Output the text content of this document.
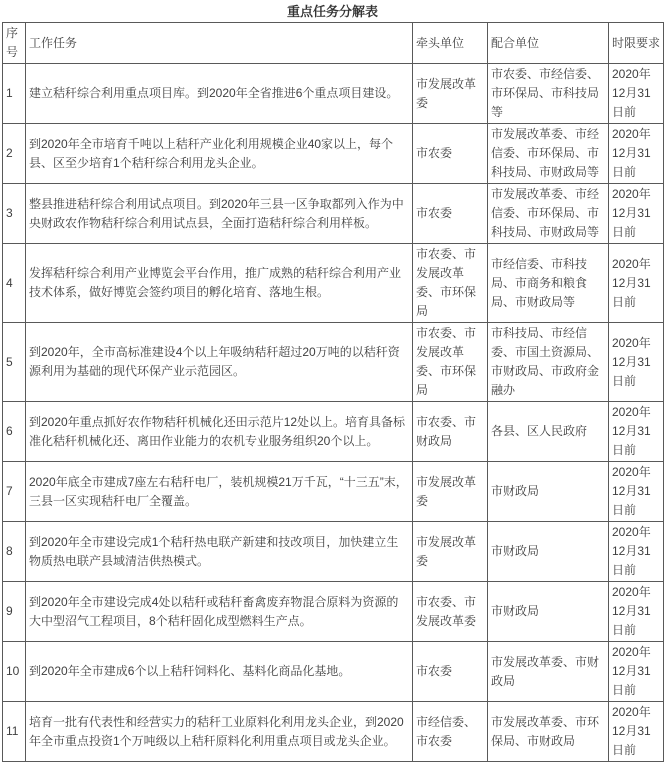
重点任务分解表
序号	工作任务	牵头单位	配合单位	时限要求
1	建立秸秆综合利用重点项目库。到2020年全省推进6个重点项目建设。	市发展改革委	市农委、市经信委、市环保局、市科技局等	2020年12月31日前
2	到2020年全市培育千吨以上秸秆产业化利用规模企业40家以上，每个县、区至少培育1个秸秆综合利用龙头企业。	市农委	市发展改革委、市经信委、市环保局、市科技局、市财政局等	2020年12月31日前
3	整县推进秸秆综合利用试点项目。到2020年三县一区争取都列入作为中央财政农作物秸秆综合利用试点县，全面打造秸秆综合利用样板。	市农委	市发展改革委、市经信委、市环保局、市科技局、市财政局等	2020年12月31日前
4	发挥秸秆综合利用产业博览会平台作用，推广成熟的秸秆综合利用产业技术体系，做好博览会签约项目的孵化培育、落地生根。	市农委、市发展改革委、市环保局	市经信委、市科技局、市商务和粮食局、市财政局等	2020年12月31日前
5	到2020年，全市高标准建设4个以上年吸纳秸秆超过20万吨的以秸秆资源利用为基础的现代环保产业示范园区。	市农委、市发展改革委、市环保局	市科技局、市经信委、市国土资源局、市财政局、市政府金融办	2020年12月31日前
6	到2020年重点抓好农作物秸秆机械化还田示范片12处以上。培育具备标准化秸秆机械化还、离田作业能力的农机专业服务组织20个以上。	市农委、市财政局	各县、区人民政府	2020年12月31日前
7	2020年底全市建成7座左右秸秆电厂，装机规模21万千瓦，“十三五”末，三县一区实现秸秆电厂全覆盖。	市发展改革委	市财政局	2020年12月31日前
8	到2020年全市建设完成1个秸秆热电联产新建和技改项目，加快建立生物质热电联产县域清洁供热模式。	市发展改革委	市财政局	2020年12月31日前
9	到2020年全市建设完成4处以秸秆或秸秆畜禽废弃物混合原料为资源的大中型沼气工程项目，8个秸秆固化成型燃料生产点。	市农委、市发展改革委	市财政局	2020年12月31日前
10	到2020年全市建成6个以上秸秆饲料化、基料化商品化基地。	市农委	市发展改革委、市财政局	2020年12月31日前
11	培育一批有代表性和经营实力的秸秆工业原料化利用龙头企业，到2020年全市重点投资1个万吨级以上秸秆原料化利用重点项目或龙头企业。	市经信委、市农委	市发展改革委、市环保局、市财政局	2020年12月31日前
